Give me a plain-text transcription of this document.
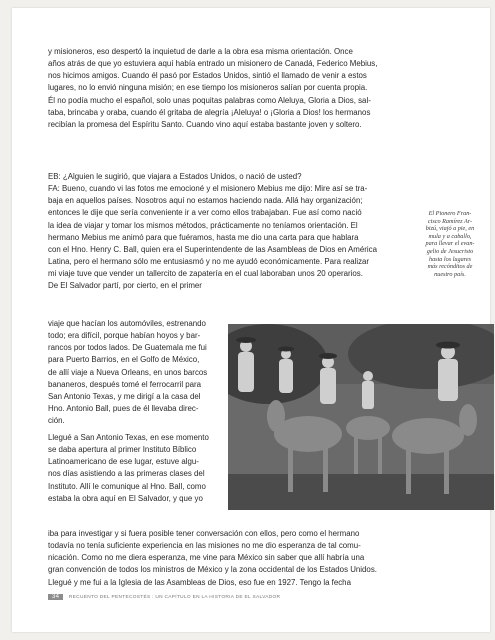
y misioneros, eso despertó la inquietud de darle a la obra esa misma orientación. Once
años atrás de que yo estuviera aquí había entrado un misionero de Canadá, Federico Mebius,
nos hicimos amigos. Cuando él pasó por Estados Unidos, sintió el llamado de venir a estos
lugares, no lo envió ninguna misión; en ese tiempo los misioneros salían por cuenta propia.
Él no podía mucho el español, solo unas poquitas palabras como Aleluya, Gloria a Dios, sal-
taba, brincaba y oraba, cuando él gritaba de alegría ¡Aleluya! o ¡Gloria a Dios! los hermanos
recibían la promesa del Espíritu Santo. Cuando vino aquí estaba bastante joven y soltero.

EB: ¿Alguien le sugirió, que viajara a Estados Unidos, o nació de usted?
FA: Bueno, cuando vi las fotos me emocioné y el misionero Mebius me dijo: Mire así se tra-
baja en aquellos países. Nosotros aquí no estamos haciendo nada. Allá hay organización;
entonces le dije que sería conveniente ir a ver como ellos trabajaban. Fue así como nació
la idea de viajar y tomar los mismos métodos, prácticamente no teníamos orientación. El
hermano Mebius me animó para que fuéramos, hasta me dio una carta para que hablara
con el Hno. Henry C. Ball, quien era el Superintendente de las Asambleas de Dios en América
Latina, pero el hermano sólo me entusiasmó y no me ayudó económicamente. Para realizar
mi viaje tuve que vender un tallercito de zapatería en el cual laboraban unos 20 operarios.
De El Salvador partí, por cierto, en el primer

viaje que hacían los automóviles, estrenando
todo; era difícil, porque habían hoyos y bar-
rancos por todos lados. De Guatemala me fui
para Puerto Barrios, en el Golfo de México,
de allí viaje a Nueva Orleans, en unos barcos
bananeros, después tomé el ferrocarril para
San Antonio Texas, y me dirigí a la casa del
Hno. Antonio Ball, pues de él llevaba direc-
ción.

Llegué a San Antonio Texas, en ese momento
se daba apertura al primer Instituto Bíblico
Latinoamericano de ese lugar, estuve algu-
nos días asistiendo a las primeras clases del
Instituto. Allí le comunique al Hno. Ball, como
estaba la obra aquí en El Salvador, y que yo

iba para investigar y si fuera posible tener conversación con ellos, pero como el hermano
todavía no tenía suficiente experiencia en las misiones no me dio esperanza de tal comu-
nicación. Como no me diera esperanza, me vine para México sin saber que allí habría una
gran convención de todos los ministros de México y la zona occidental de los Estados Unidos.
Llegué y me fui a la Iglesia de las Asambleas de Dios, eso fue en 1927. Tengo la fecha

El Pionero Fran-
cisco Ramírez Ar-
bizú, viajó a pie, en
mula y a caballo,
para llevar el evan-
gelio de Jesucristo
hasta los lugares
más recónditos de
nuestro país.
34 RECUENTO DEL PENTECOSTÉS : UN CAPÍTULO EN LA HISTORIA DE EL SALVADOR
